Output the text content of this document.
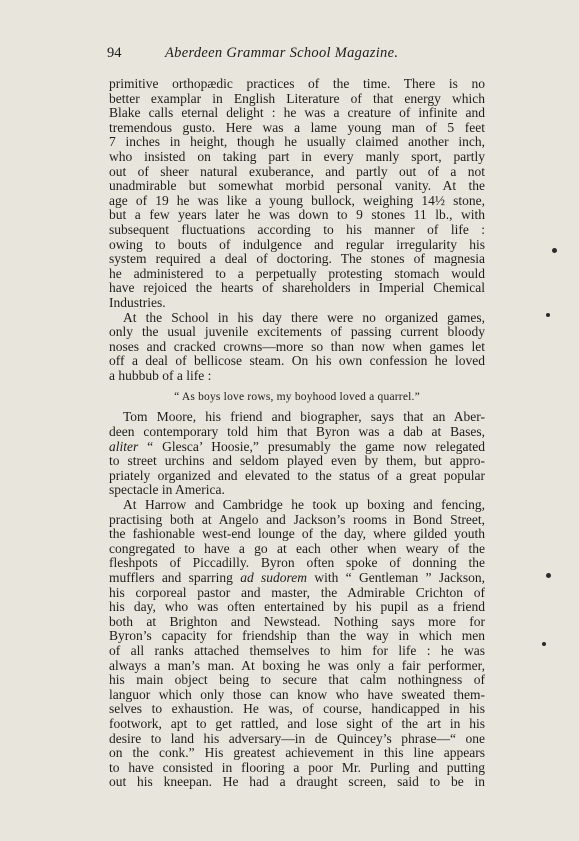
94	Aberdeen Grammar School Magazine.

primitive orthopædic practices of the time. There is no

better examplar in English Literature of that energy which

Blake calls eternal delight : he was a creature of infinite and

tremendous gusto. Here was a lame young man of 5 feet

7 inches in height, though he usually claimed another inch,

who insisted on taking part in every manly sport, partly

out of sheer natural exuberance, and partly out of a not

unadmirable but somewhat morbid personal vanity. At the

age of 19 he was like a young bullock, weighing 14½ stone,

but a few years later he was down to 9 stones 11 lb., with

subsequent fluctuations according to his manner of life :

owing to bouts of indulgence and regular irregularity his

system required a deal of doctoring. The stones of magnesia

he administered to a perpetually protesting stomach would

have rejoiced the hearts of shareholders in Imperial Chemical

Industries.

At the School in his day there were no organized games,

only the usual juvenile excitements of passing current bloody

noses and cracked crowns—more so than now when games let

off a deal of bellicose steam. On his own confession he loved

a hubbub of a life :

“ As boys love rows, my boyhood loved a quarrel.”

Tom Moore, his friend and biographer, says that an Aber-

deen contemporary told him that Byron was a dab at Bases,

aliter “ Glesca’ Hoosie,” presumably the game now relegated

to street urchins and seldom played even by them, but appro-

priately organized and elevated to the status of a great popular

spectacle in America.

At Harrow and Cambridge he took up boxing and fencing,

practising both at Angelo and Jackson’s rooms in Bond Street,

the fashionable west-end lounge of the day, where gilded youth

congregated to have a go at each other when weary of the

fleshpots of Piccadilly. Byron often spoke of donning the

mufflers and sparring ad sudorem with “ Gentleman ” Jackson,

his corporeal pastor and master, the Admirable Crichton of

his day, who was often entertained by his pupil as a friend

both at Brighton and Newstead. Nothing says more for

Byron’s capacity for friendship than the way in which men

of all ranks attached themselves to him for life : he was

always a man’s man. At boxing he was only a fair performer,

his main object being to secure that calm nothingness of

languor which only those can know who have sweated them-

selves to exhaustion. He was, of course, handicapped in his

footwork, apt to get rattled, and lose sight of the art in his

desire to land his adversary—in de Quincey’s phrase—“ one

on the conk.” His greatest achievement in this line appears

to have consisted in flooring a poor Mr. Purling and putting

out his kneepan. He had a draught screen, said to be in
